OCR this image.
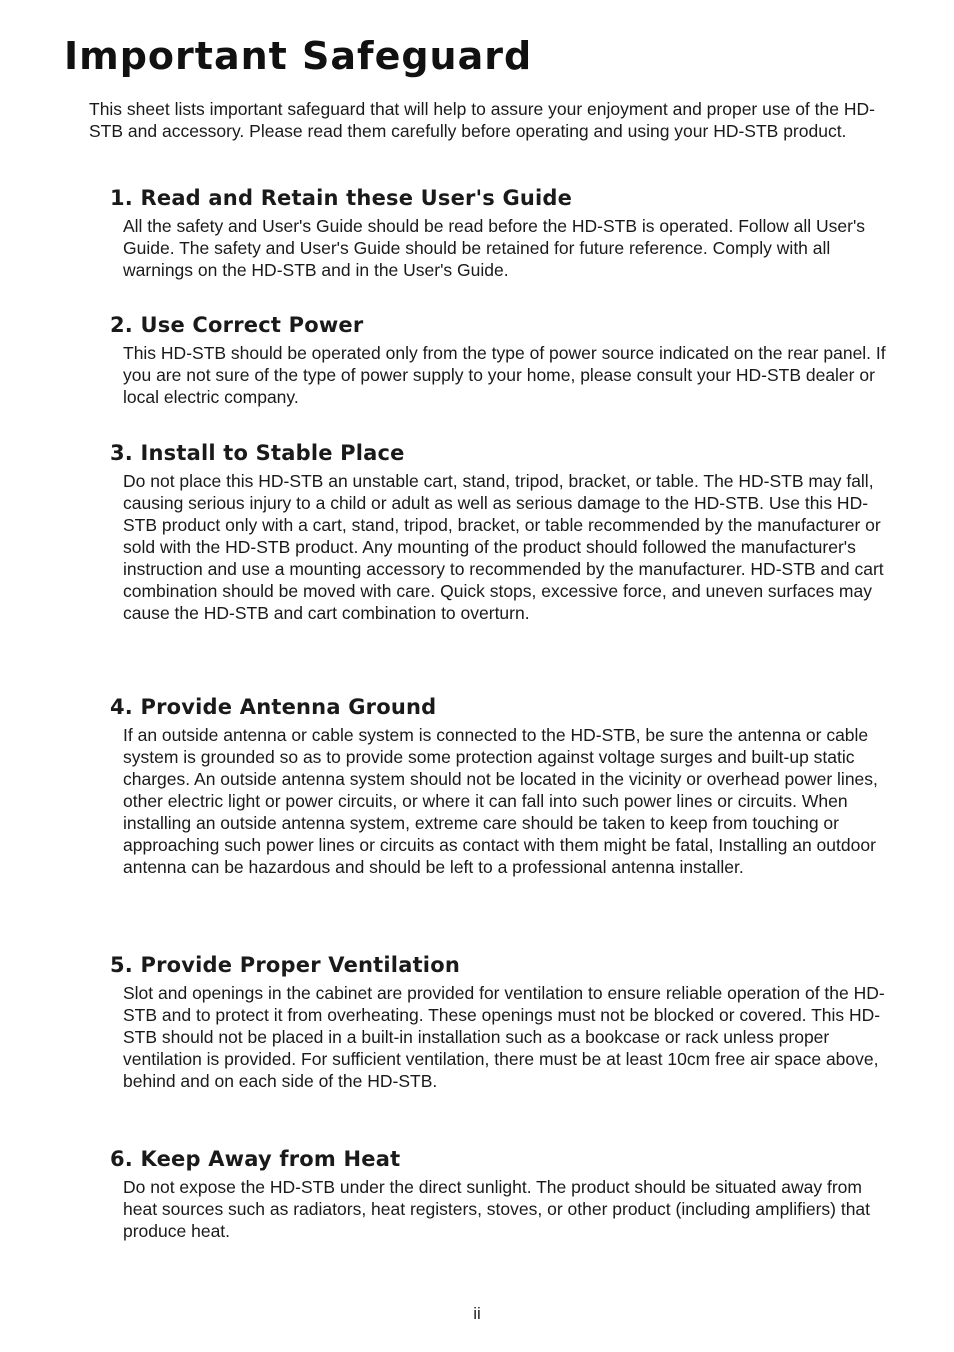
Important Safeguard

This sheet lists important safeguard that will help to assure your enjoyment and proper use of the HD-STB and accessory. Please read them carefully before operating and using your HD-STB product.

1. Read and Retain these User's Guide

All the safety and User's Guide should be read before the HD-STB is operated. Follow all User's Guide. The safety and User's Guide should be retained for future reference. Comply with all warnings on the HD-STB and in the User's Guide.

2. Use Correct Power

This HD-STB should be operated only from the type of power source indicated on the rear panel. If you are not sure of the type of power supply to your home, please consult your HD-STB dealer or local electric company.

3. Install to Stable Place

Do not place this HD-STB an unstable cart, stand, tripod, bracket, or table. The HD-STB may fall, causing serious injury to a child or adult as well as serious damage to the HD-STB. Use this HD-STB product only with a cart, stand, tripod, bracket, or table recommended by the manufacturer or sold with the HD-STB product. Any mounting of the product should followed the manufacturer's instruction and use a mounting accessory to recommended by the manufacturer. HD-STB and cart combination should be moved with care. Quick stops, excessive force, and uneven surfaces may cause the HD-STB and cart combination to overturn.

4. Provide Antenna Ground

If an outside antenna or cable system is connected to the HD-STB, be sure the antenna or cable system is grounded so as to provide some protection against voltage surges and built-up static charges. An outside antenna system should not be located in the vicinity or overhead power lines, other electric light or power circuits, or where it can fall into such power lines or circuits. When installing an outside antenna system, extreme care should be taken to keep from touching or approaching such power lines or circuits as contact with them might be fatal, Installing an outdoor antenna can be hazardous and should be left to a professional antenna installer.

5. Provide Proper Ventilation

Slot and openings in the cabinet are provided for ventilation to ensure reliable operation of the HD-STB and to protect it from overheating. These openings must not be blocked or covered. This HD-STB should not be placed in a built-in installation such as a bookcase or rack unless proper ventilation is provided. For sufficient ventilation, there must be at least 10cm free air space above, behind and on each side of the HD-STB.

6. Keep Away from Heat

Do not expose the HD-STB under the direct sunlight. The product should be situated away from heat sources such as radiators, heat registers, stoves, or other product (including amplifiers) that produce heat.

ii
